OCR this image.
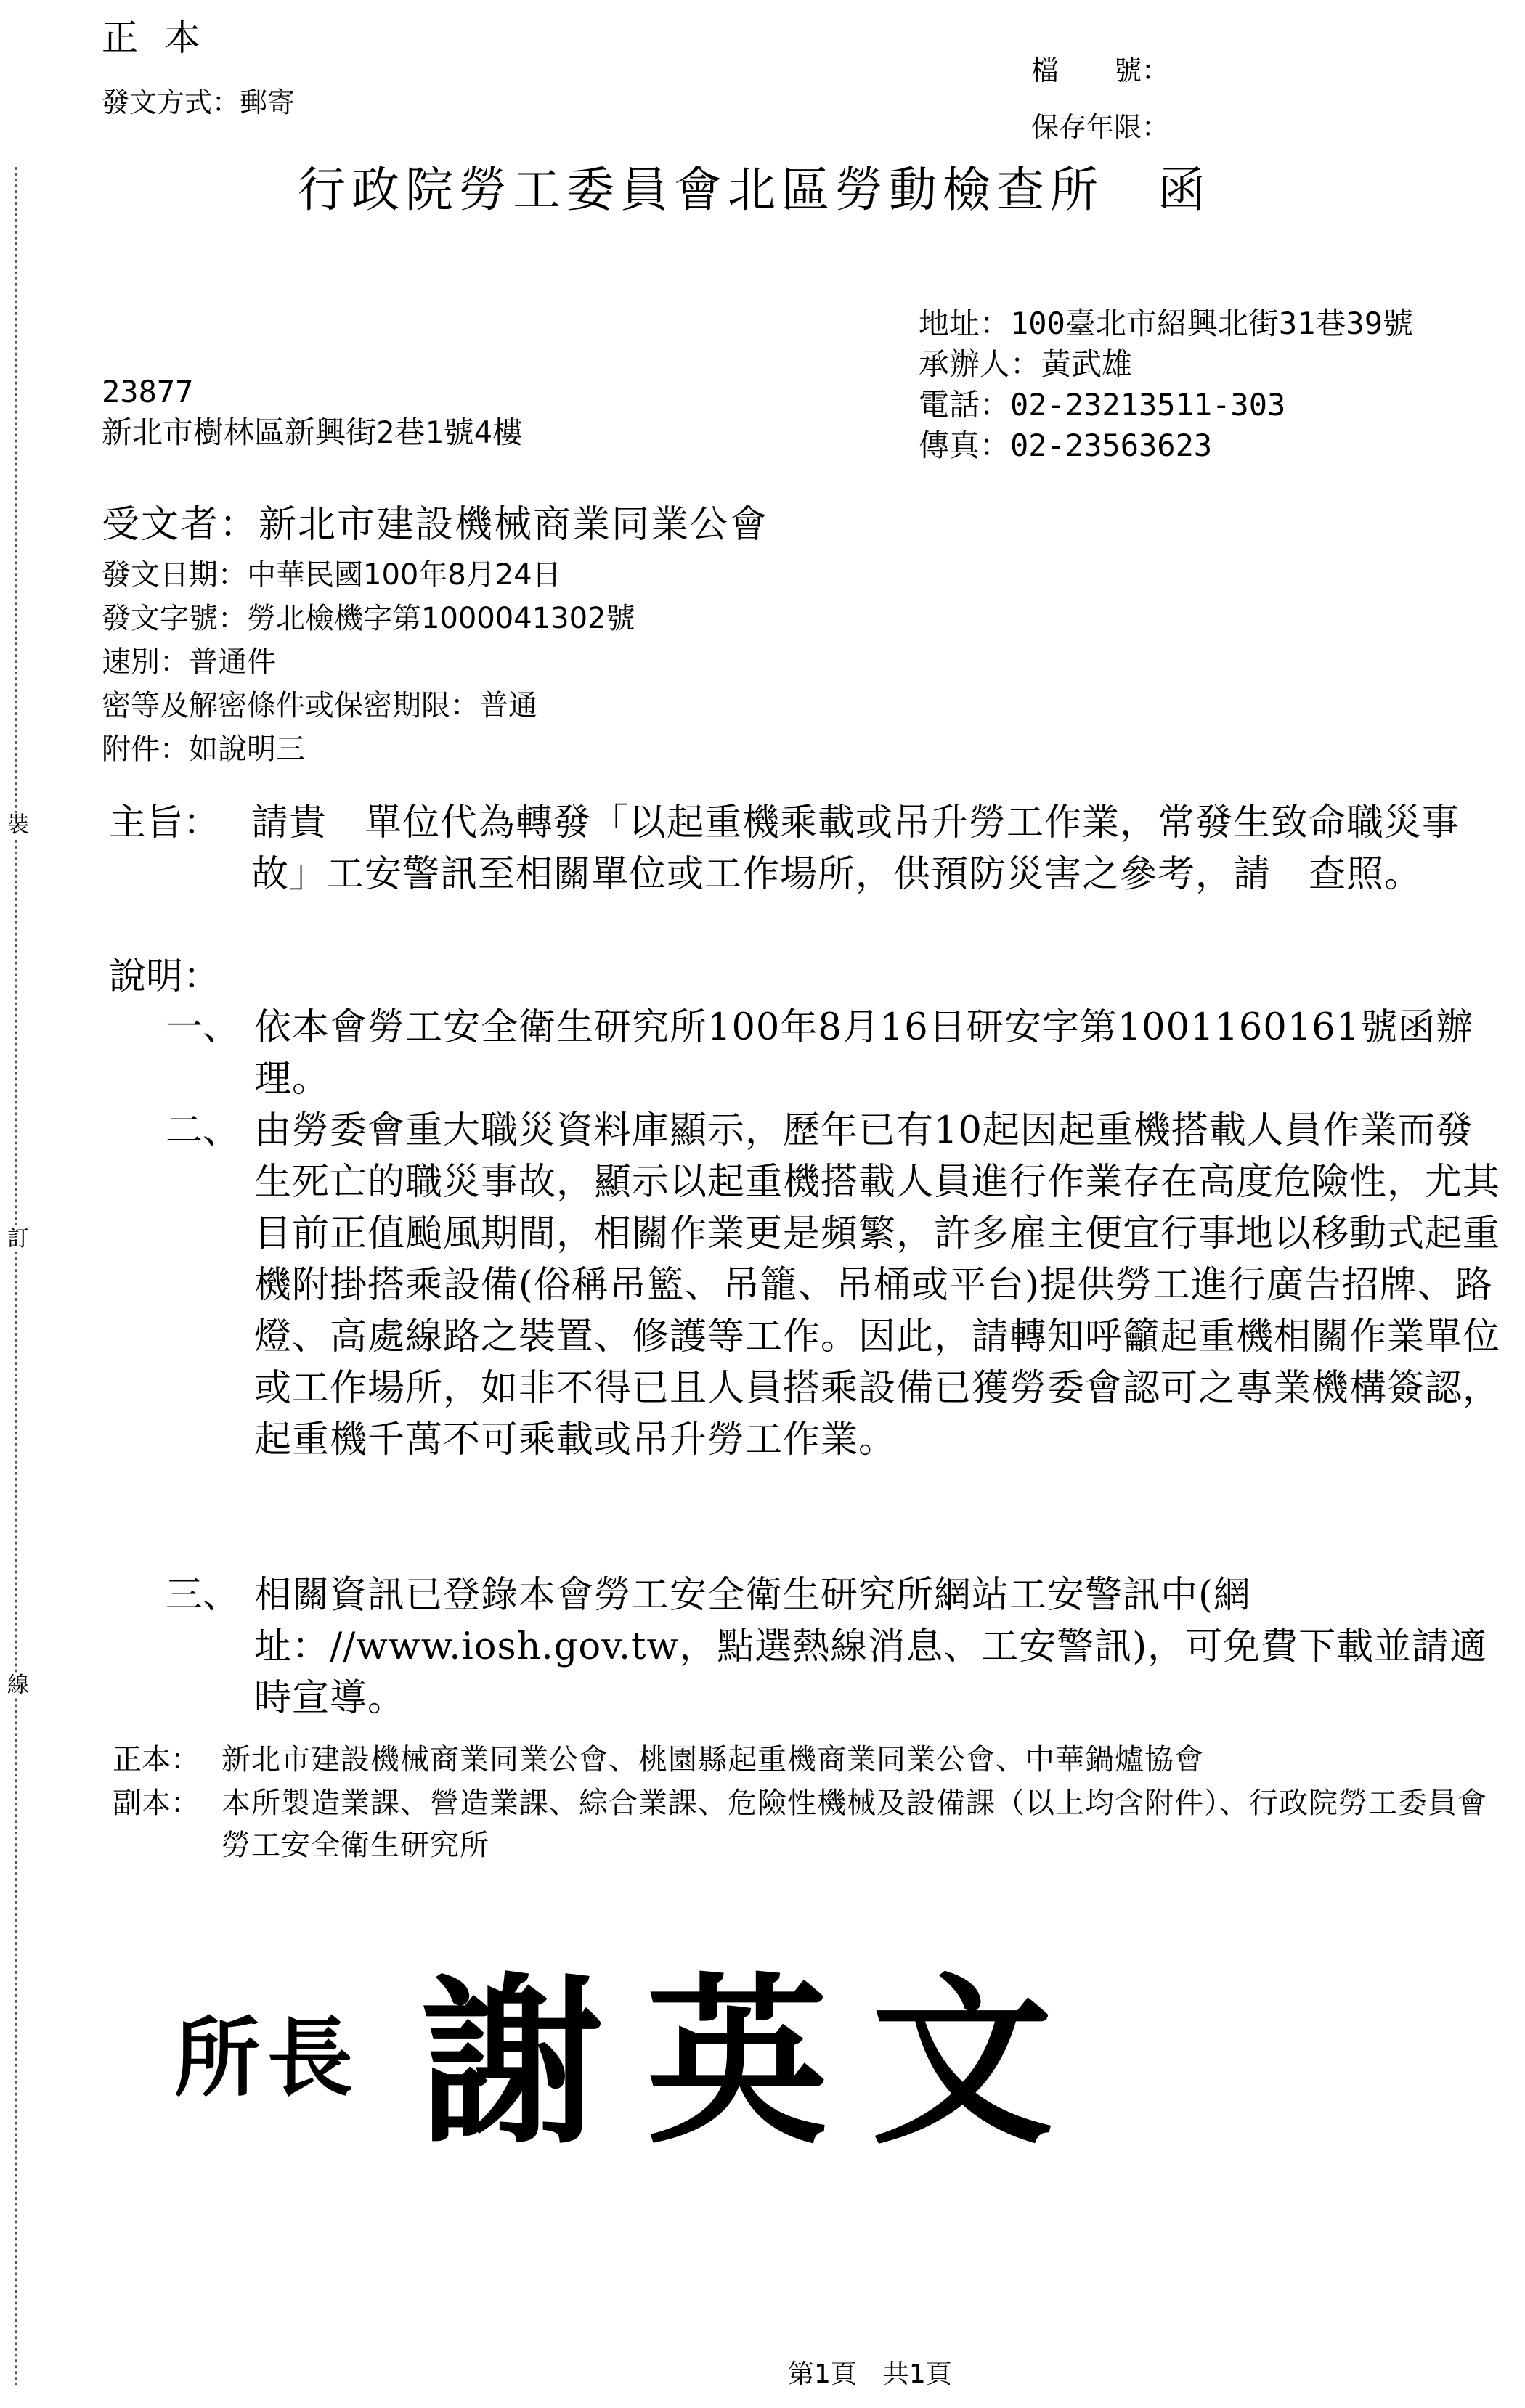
裝
訂
線
正 本
發文方式：郵寄
檔　　號：
保存年限：
行政院勞工委員會北區勞動檢查所　函
地址：100臺北市紹興北街31巷39號
承辦人：黃武雄
電話：02-23213511-303
傳真：02-23563623
23877
新北市樹林區新興街2巷1號4樓
受文者：新北市建設機械商業同業公會
發文日期：中華民國100年8月24日
發文字號：勞北檢機字第1000041302號
速別：普通件
密等及解密條件或保密期限：普通
附件：如說明三
主旨： 請貴　單位代為轉發「以起重機乘載或吊升勞工作業，常發生致命職災事故」工安警訊至相關單位或工作場所，供預防災害之參考，請　查照。
說明：
一、 依本會勞工安全衛生研究所100年8月16日研安字第1001160161號函辦理。
二、 由勞委會重大職災資料庫顯示，歷年已有10起因起重機搭載人員作業而發生死亡的職災事故，顯示以起重機搭載人員進行作業存在高度危險性，尤其目前正值颱風期間，相關作業更是頻繁，許多雇主便宜行事地以移動式起重機附掛搭乘設備(俗稱吊籃、吊籠、吊桶或平台)提供勞工進行廣告招牌、路燈、高處線路之裝置、修護等工作。因此，請轉知呼籲起重機相關作業單位或工作場所，如非不得已且人員搭乘設備已獲勞委會認可之專業機構簽認，起重機千萬不可乘載或吊升勞工作業。
三、 相關資訊已登錄本會勞工安全衛生研究所網站工安警訊中(網址：//www.iosh.gov.tw，點選熱線消息、工安警訊)，可免費下載並請適時宣導。
正本： 新北市建設機械商業同業公會、桃園縣起重機商業同業公會、中華鍋爐協會
副本： 本所製造業課、營造業課、綜合業課、危險性機械及設備課（以上均含附件）、行政院勞工委員會勞工安全衛生研究所
所長 謝英文
第1頁　共1頁
